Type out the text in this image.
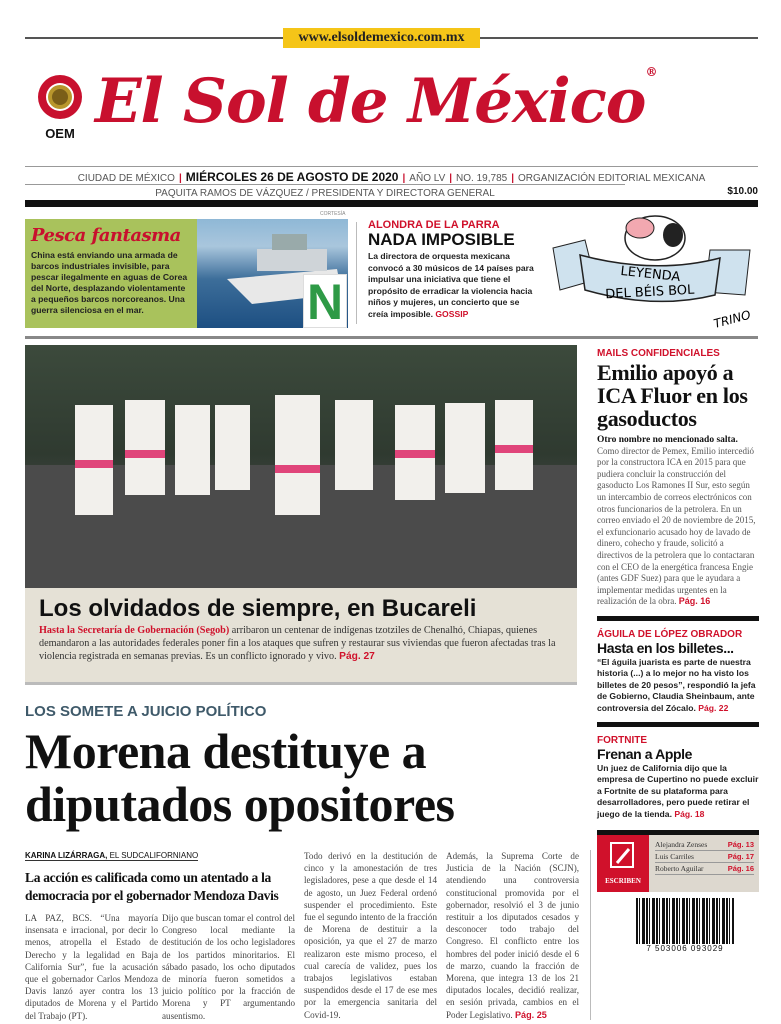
www.elsoldemexico.com.mx
OEM El Sol de México®
CIUDAD DE MÉXICO | MIÉRCOLES 26 DE AGOSTO DE 2020 | AÑO LV | NO. 19,785 | ORGANIZACIÓN EDITORIAL MEXICANA
PAQUITA RAMOS DE VÁZQUEZ / PRESIDENTA Y DIRECTORA GENERAL	$10.00
Pesca fantasma

China está enviando una armada de barcos industriales invisible, para pescar ilegalmente en aguas de Corea del Norte, desplazando violentamente a pequeños barcos norcoreanos. Una guerra silenciosa en el mar.

CORTESÍA
N
ALONDRA DE LA PARRA
NADA IMPOSIBLE

La directora de orquesta mexicana convocó a 30 músicos de 14 países para impulsar una iniciativa que tiene el propósito de erradicar la violencia hacia niños y mujeres, un concierto que se creía imposible. GOSSIP

LEYENDA
DEL BÉIS BOL
TRINO
Los olvidados de siempre, en Bucareli

Hasta la Secretaría de Gobernación (Segob) arribaron un centenar de indígenas tzotziles de Chenalhó, Chiapas, quienes demandaron a las autoridades federales poner fin a los ataques que sufren y restaurar sus viviendas que fueron afectadas tras la violencia registrada en semanas previas. Es un conflicto ignorado y vivo. Pág. 27

MAILS CONFIDENCIALES
Emilio apoyó a ICA Fluor en los gasoductos

Otro nombre no mencionado salta. Como director de Pemex, Emilio intercedió por la constructora ICA en 2015 para que pudiera concluir la construcción del gasoducto Los Ramones II Sur, esto según un intercambio de correos electrónicos con otros funcionarios de la petrolera. En un correo enviado el 20 de noviembre de 2015, el exfuncionario acusado hoy de lavado de dinero, cohecho y fraude, solicitó a directivos de la petrolera que lo contactaran con el CEO de la energética francesa Engie (antes GDF Suez) para que le ayudara a implementar medidas urgentes en la realización de la obra. Pág. 16

ÁGUILA DE LÓPEZ OBRADOR
Hasta en los billetes...

“El águila juarista es parte de nuestra historia (...) a lo mejor no ha visto los billetes de 20 pesos”, respondió la jefa de Gobierno, Claudia Sheinbaum, ante controversia del Zócalo. Pág. 22

FORTNITE
Frenan a Apple

Un juez de California dijo que la empresa de Cupertino no puede excluir a Fortnite de su plataforma para desarrolladores, pero puede retirar el juego de la tienda. Pág. 18

ESCRIBEN
Alejandra Zenses	Pág. 13
Luis Carriles	Pág. 17
Roberto Aguilar	Pág. 16
7 503006 093029
LOS SOMETE A JUICIO POLÍTICO
Morena destituye a diputados opositores
KARINA LIZÁRRAGA, EL SUDCALIFORNIANO
La acción es calificada como un atentado a la democracia por el gobernador Mendoza Davis
LA PAZ, BCS. “Una mayoría insensata e irracional, por decir lo menos, atropella el Estado de Derecho y la legalidad en Baja California Sur”, fue la acusación que el gobernador Carlos Mendoza Davis lanzó ayer contra los 13 diputados de Morena y el Partido del Trabajo (PT).
Dijo que buscan tomar el control del Congreso local mediante la destitución de los ocho legisladores de los partidos minoritarios. El sábado pasado, los ocho diputados de minoría fueron sometidos a juicio político por la fracción de Morena y PT argumentando ausentismo.
Todo derivó en la destitución de cinco y la amonestación de tres legisladores, pese a que desde el 14 de agosto, un Juez Federal ordenó suspender el procedimiento. Este fue el segundo intento de la fracción de Morena de destituir a la oposición, ya que el 27 de marzo realizaron este mismo proceso, el cual carecía de validez, pues los trabajos legislativos estaban suspendidos desde el 17 de ese mes por la emergencia sanitaria del Covid-19.
Además, la Suprema Corte de Justicia de la Nación (SCJN), atendiendo una controversia constitucional promovida por el gobernador, resolvió el 3 de junio restituir a los diputados cesados y desconocer todo trabajo del Congreso. El conflicto entre los hombres del poder inició desde el 6 de marzo, cuando la fracción de Morena, que integra 13 de los 21 diputados locales, decidió realizar, en sesión privada, cambios en el Poder Legislativo. Pág. 25
